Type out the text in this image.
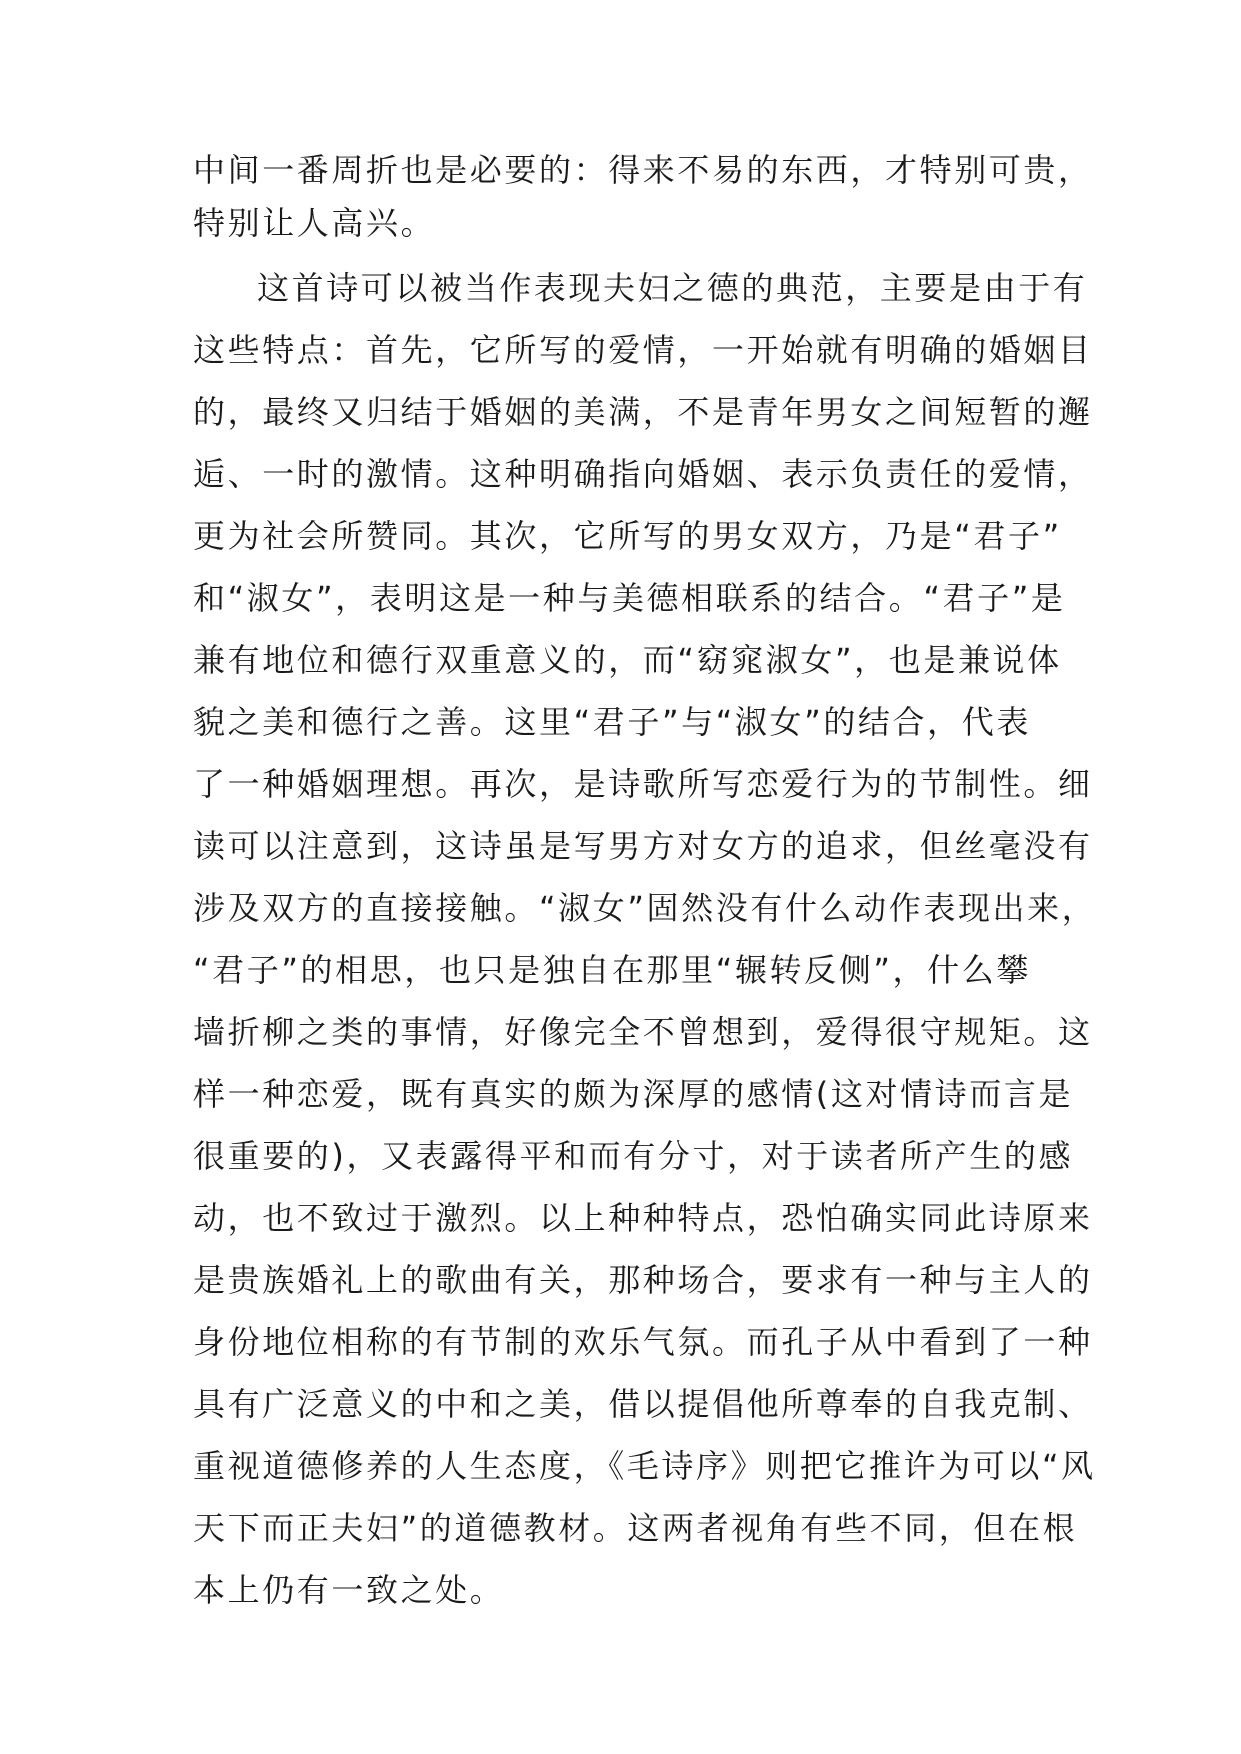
中间一番周折也是必要的：得来不易的东西，才特别可贵，
特别让人高兴。
这首诗可以被当作表现夫妇之德的典范，主要是由于有
这些特点：首先，它所写的爱情，一开始就有明确的婚姻目
的，最终又归结于婚姻的美满，不是青年男女之间短暂的邂
逅、一时的激情。这种明确指向婚姻、表示负责任的爱情，
更为社会所赞同。其次，它所写的男女双方，乃是“君子”
和“淑女”，表明这是一种与美德相联系的结合。“君子”是
兼有地位和德行双重意义的，而“窈窕淑女”，也是兼说体
貌之美和德行之善。这里“君子”与“淑女”的结合，代表
了一种婚姻理想。再次，是诗歌所写恋爱行为的节制性。细
读可以注意到，这诗虽是写男方对女方的追求，但丝毫没有
涉及双方的直接接触。“淑女”固然没有什么动作表现出来，
“君子”的相思，也只是独自在那里“辗转反侧”，什么攀
墙折柳之类的事情，好像完全不曾想到，爱得很守规矩。这
样一种恋爱，既有真实的颇为深厚的感情(这对情诗而言是
很重要的)，又表露得平和而有分寸，对于读者所产生的感
动，也不致过于激烈。以上种种特点，恐怕确实同此诗原来
是贵族婚礼上的歌曲有关，那种场合，要求有一种与主人的
身份地位相称的有节制的欢乐气氛。而孔子从中看到了一种
具有广泛意义的中和之美，借以提倡他所尊奉的自我克制、
重视道德修养的人生态度，《毛诗序》则把它推许为可以“风
天下而正夫妇”的道德教材。这两者视角有些不同，但在根
本上仍有一致之处。
